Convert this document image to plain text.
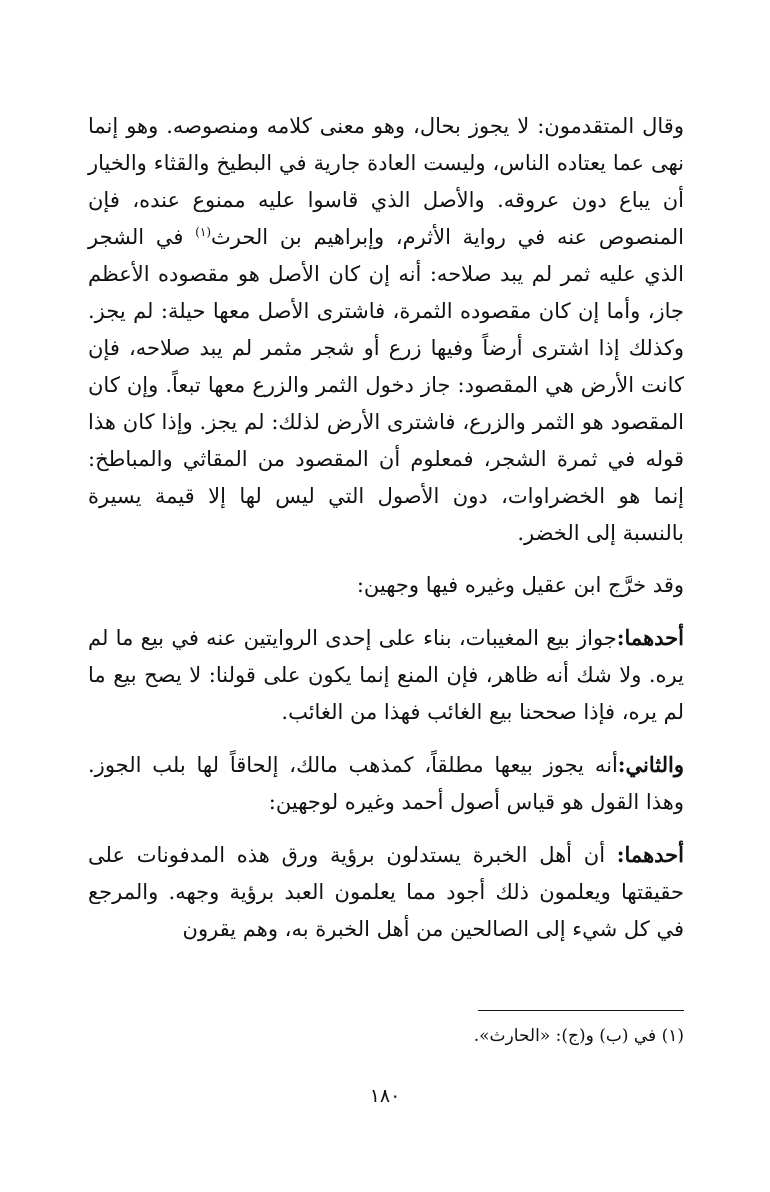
وقال المتقدمون: لا يجوز بحال، وهو معنى كلامه ومنصوصه. وهو إنما نهى عما يعتاده الناس، وليست العادة جارية في البطيخ والقثاء والخيار أن يباع دون عروقه. والأصل الذي قاسوا عليه ممنوع عنده، فإن المنصوص عنه في رواية الأثرم، وإبراهيم بن الحرث$^{(١)}$ في الشجر الذي عليه ثمر لم يبد صلاحه: أنه إن كان الأصل هو مقصوده الأعظم جاز، وأما إن كان مقصوده الثمرة، فاشترى الأصل معها حيلة: لم يجز. وكذلك إذا اشترى أرضاً وفيها زرع أو شجر مثمر لم يبد صلاحه، فإن كانت الأرض هي المقصود: جاز دخول الثمر والزرع معها تبعاً. وإن كان المقصود هو الثمر والزرع، فاشترى الأرض لذلك: لم يجز. وإذا كان هذا قوله في ثمرة الشجر، فمعلوم أن المقصود من المقاثي والمباطخ: إنما هو الخضراوات، دون الأصول التي ليس لها إلا قيمة يسيرة بالنسبة إلى الخضر.

وقد خرَّج ابن عقيل وغيره فيها وجهين:

أحدهما:جواز بيع المغيبات، بناء على إحدى الروايتين عنه في بيع ما لم يره. ولا شك أنه ظاهر، فإن المنع إنما يكون على قولنا: لا يصح بيع ما لم يره، فإذا صححنا بيع الغائب فهذا من الغائب.

والثاني:أنه يجوز بيعها مطلقاً، كمذهب مالك، إلحاقاً لها بلب الجوز. وهذا القول هو قياس أصول أحمد وغيره لوجهين:

أحدهما: أن أهل الخبرة يستدلون برؤية ورق هذه المدفونات على حقيقتها ويعلمون ذلك أجود مما يعلمون العبد برؤية وجهه. والمرجع في كل شيء إلى الصالحين من أهل الخبرة به، وهم يقرون

(١) في (ب) و(ج): «الحارث».
١٨٠
